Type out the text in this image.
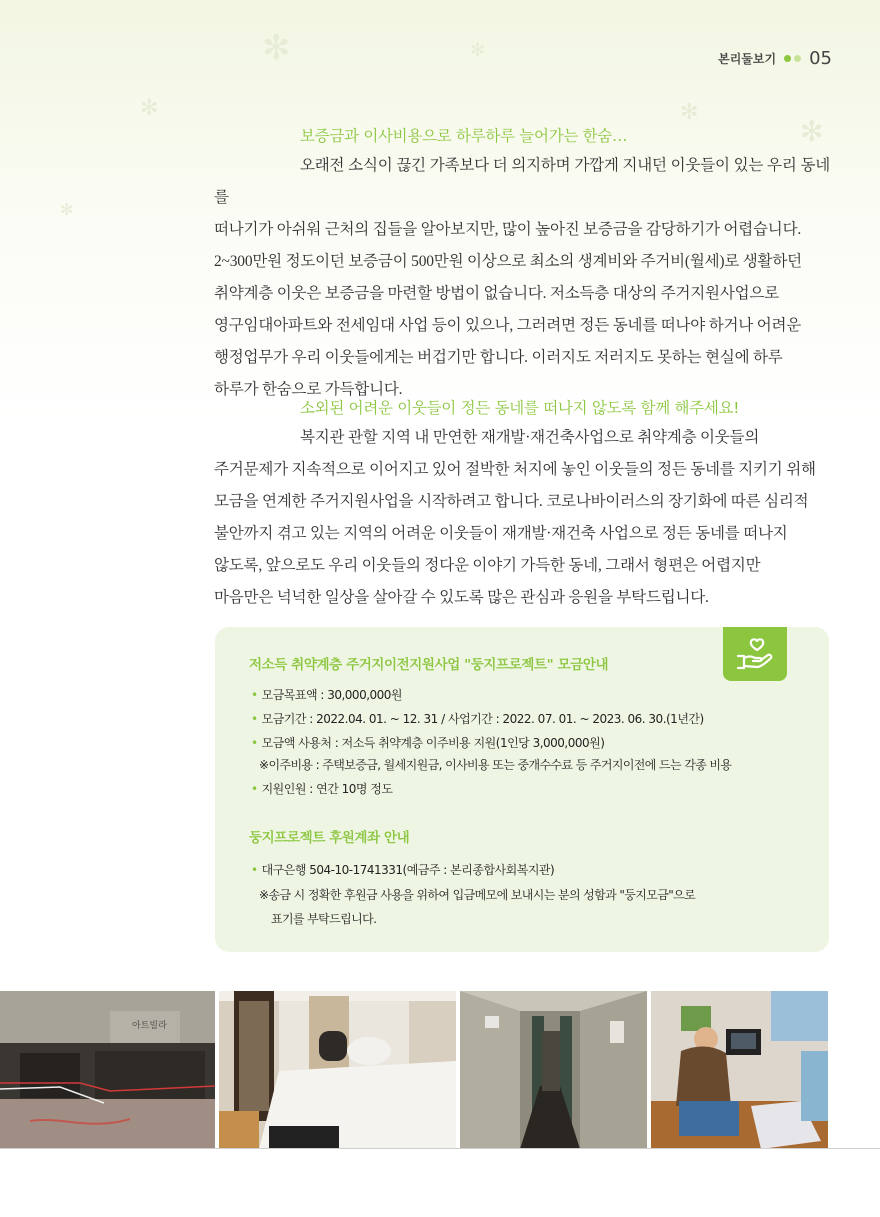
✻
✻
✻
✻
✻
✻
본리둘보기 05
보증금과 이사비용으로 하루하루 늘어가는 한숨…
오래전 소식이 끊긴 가족보다 더 의지하며 가깝게 지내던 이웃들이 있는 우리 동네를
떠나기가 아쉬워 근처의 집들을 알아보지만, 많이 높아진 보증금을 감당하기가 어렵습니다.
2~300만원 정도이던 보증금이 500만원 이상으로 최소의 생계비와 주거비(월세)로 생활하던
취약계층 이웃은 보증금을 마련할 방법이 없습니다. 저소득층 대상의 주거지원사업으로
영구임대아파트와 전세임대 사업 등이 있으나, 그러려면 정든 동네를 떠나야 하거나 어려운
행정업무가 우리 이웃들에게는 버겁기만 합니다. 이러지도 저러지도 못하는 현실에 하루
하루가 한숨으로 가득합니다.
소외된 어려운 이웃들이 정든 동네를 떠나지 않도록 함께 해주세요!
복지관 관할 지역 내 만연한 재개발·재건축사업으로 취약계층 이웃들의
주거문제가 지속적으로 이어지고 있어 절박한 처지에 놓인 이웃들의 정든 동네를 지키기 위해
모금을 연계한 주거지원사업을 시작하려고 합니다. 코로나바이러스의 장기화에 따른 심리적
불안까지 겪고 있는 지역의 어려운 이웃들이 재개발·재건축 사업으로 정든 동네를 떠나지
않도록, 앞으로도 우리 이웃들의 정다운 이야기 가득한 동네, 그래서 형편은 어렵지만
마음만은 넉넉한 일상을 살아갈 수 있도록 많은 관심과 응원을 부탁드립니다.
저소득 취약계층 주거지이전지원사업 "둥지프로젝트" 모금안내
• 모금목표액 : 30,000,000원
• 모금기간 : 2022.04. 01. ~ 12. 31 / 사업기간 : 2022. 07. 01. ~ 2023. 06. 30.(1년간)
• 모금액 사용처 : 저소득 취약계층 이주비용 지원(1인당 3,000,000원)
※이주비용 : 주택보증금, 월세지원금, 이사비용 또는 중개수수료 등 주거지이전에 드는 각종 비용
• 지원인원 : 연간 10명 정도
둥지프로젝트 후원계좌 안내
• 대구은행 504-10-1741331(예금주 : 본리종합사회복지관)
※송금 시 정확한 후원금 사용을 위하여 입금메모에 보내시는 분의 성함과 "둥지모금"으로
표기를 부탁드립니다.
아트빌라
